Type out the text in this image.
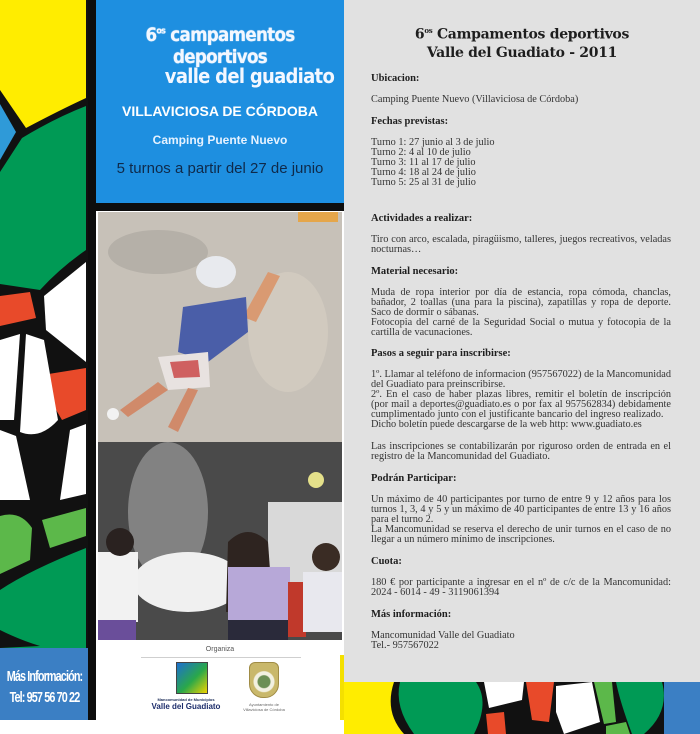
Más Información:
Tel: 957 56 70 22
$6^{os}$ campamentos deportivos
valle del guadiato
VILLAVICIOSA DE CÓRDOBA
Camping Puente Nuevo
5 turnos a partir del 27 de junio
Organiza
Mancomunidad de Municipios
Valle del Guadiato	Ayuntamiento de
Villaviciosa de Córdoba
$6^{os}$ Campamentos deportivos
Valle del Guadiato - 2011
Ubicacion:
Camping Puente Nuevo (Villaviciosa de Córdoba)
Fechas previstas:
Turno 1: 27 junio al 3 de julio
Turno 2: 4 al 10 de julio
Turno 3: 11 al 17 de julio
Turno 4: 18 al 24 de julio
Turno 5: 25 al 31 de julio
Actividades a realizar:
Tiro con arco, escalada, piragüismo, talleres, juegos recreativos, veladas nocturnas…
Material necesario:
Muda de ropa interior por día de estancia, ropa cómoda, chanclas, bañador, 2 toallas (una para la piscina), zapatillas y ropa de deporte. Saco de dormir o sábanas.
Fotocopia del carné de la Seguridad Social o mutua y fotocopia de la cartilla de vacunaciones.
Pasos a seguir para inscribirse:
1º. Llamar al teléfono de informacion (957567022) de la Mancomunidad del Guadiato para preinscribirse.
2º. En el caso de haber plazas libres, remitir el boletín de inscripción (por mail a deportes@guadiato.es o por fax al 957562834) debidamente cumplimentado junto con el justificante bancario del ingreso realizado.
Dicho boletín puede descargarse de la web http: www.guadiato.es
Las inscripciones se contabilizarán por riguroso orden de entrada en el registro de la Mancomunidad del Guadiato.
Podrán Participar:
Un máximo de 40 participantes por turno de entre 9 y 12 años para los turnos 1, 3, 4 y 5 y un máximo de 40 participantes de entre 13 y 16 años para el turno 2.
La Mancomunidad se reserva el derecho de unir turnos en el caso de no llegar a un número mínimo de inscripciones.
Cuota:
180 € por participante a ingresar en el nº de c/c de la Mancomunidad: 2024 - 6014 - 49 - 3119061394
Más información:
Mancomunidad Valle del Guadiato
Tel.- 957567022
